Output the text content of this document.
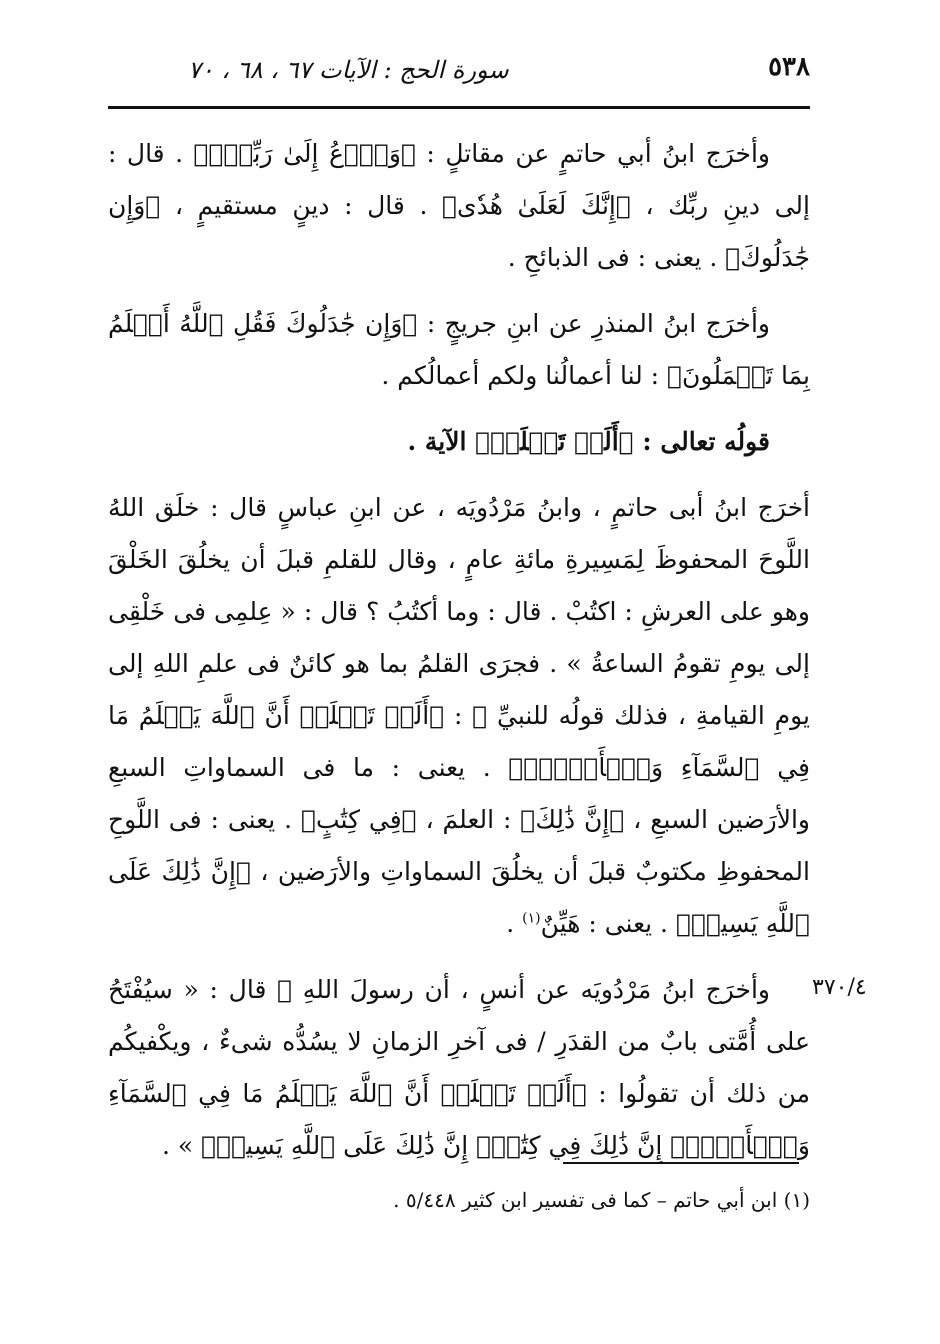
٥٣٨
سورة الحج : الآيات ٦٧ ، ٦٨ ، ٧٠

وأخرَج ابنُ أبي حاتمٍ عن مقاتلٍ : ﴿وَٱدۡعُ إِلَىٰ رَبِّكَۖ﴾ . قال : إلى دينِ ربِّك ، ﴿إِنَّكَ لَعَلَىٰ هُدٗى﴾ . قال : دينٍ مستقيمٍ ، ﴿وَإِن جَٰدَلُوكَ﴾ . يعنى : فى الذبائحِ .

وأخرَج ابنُ المنذرِ عن ابنِ جريجٍ : ﴿وَإِن جَٰدَلُوكَ فَقُلِ ٱللَّهُ أَعۡلَمُ بِمَا تَعۡمَلُونَ﴾ : لنا أعمالُنا ولكم أعمالُكم .

قولُه تعالى : ﴿أَلَمۡ تَعۡلَمۡ﴾ الآية .

أخرَج ابنُ أبى حاتمٍ ، وابنُ مَرْدُويَه ، عن ابنِ عباسٍ قال : خلَق اللهُ اللَّوحَ المحفوظَ لِمَسِيرةِ مائةِ عامٍ ، وقال للقلمِ قبلَ أن يخلُقَ الخَلْقَ وهو على العرشِ : اكتُبْ . قال : وما أكتُبُ ؟ قال : « عِلمِى فى خَلْقِى إلى يومِ تقومُ الساعةُ » . فجرَى القلمُ بما هو كائنٌ فى علمِ اللهِ إلى يومِ القيامةِ ، فذلك قولُه للنبيِّ ﷺ : ﴿أَلَمۡ تَعۡلَمۡ أَنَّ ٱللَّهَ يَعۡلَمُ مَا فِي ٱلسَّمَآءِ وَٱلۡأَرۡضِۚ﴾ . يعنى : ما فى السماواتِ السبعِ والأرَضين السبعِ ، ﴿إِنَّ ذَٰلِكَ﴾ : العلمَ ، ﴿فِي كِتَٰبٍ﴾ . يعنى : فى اللَّوحِ المحفوظِ مكتوبٌ قبلَ أن يخلُقَ السماواتِ والأرَضين ، ﴿إِنَّ ذَٰلِكَ عَلَى ٱللَّهِ يَسِيرٞ﴾ . يعنى : هَيِّنٌ$^{(١)}$ .

وأخرَج ابنُ مَرْدُويَه عن أنسٍ ، أن رسولَ اللهِ ﷺ قال : « سيُفْتَحُ على أُمَّتى بابٌ من القدَرِ / فى آخرِ الزمانِ لا يسُدُّه شىءٌ ، ويكْفيكُم من ذلك أن تقولُوا : ﴿أَلَمۡ تَعۡلَمۡ أَنَّ ٱللَّهَ يَعۡلَمُ مَا فِي ٱلسَّمَآءِ وَٱلۡأَرۡضِۚ إِنَّ ذَٰلِكَ فِي كِتَٰبٍۚ إِنَّ ذَٰلِكَ عَلَى ٱللَّهِ يَسِيرٞ﴾ » .

٣٧٠/٤
(١) ابن أبي حاتم – كما فى تفسير ابن كثير ٥/٤٤٨ .
